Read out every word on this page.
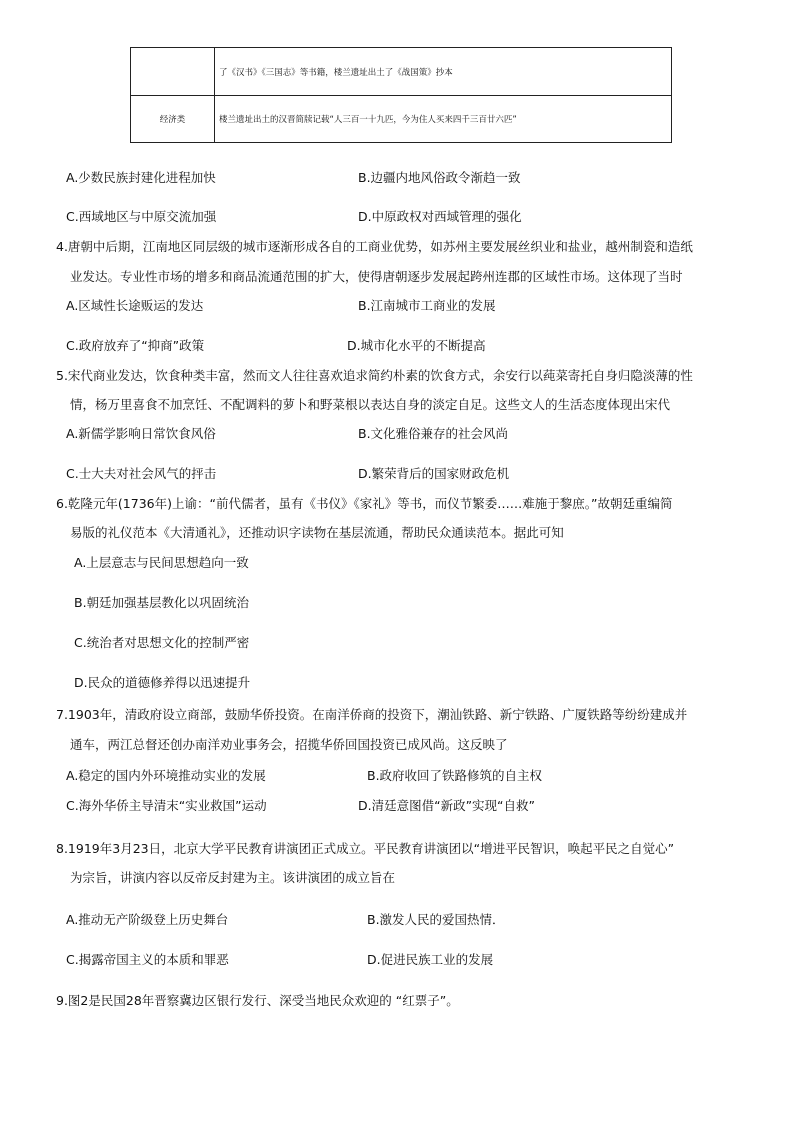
	了《汉书》《三国志》等书籍，楼兰遗址出土了《战国策》抄本
经济类	楼兰遗址出土的汉晋简牍记载“人三百一十九匹，今为住人买来四千三百廿六匹”
A.少数民族封建化进程加快	B.边疆内地风俗政令渐趋一致
C.西域地区与中原交流加强	D.中原政权对西域管理的强化
4.唐朝中后期，江南地区同层级的城市逐渐形成各自的工商业优势，如苏州主要发展丝织业和盐业，越州制瓷和造纸
业发达。专业性市场的增多和商品流通范围的扩大，使得唐朝逐步发展起跨州连郡的区域性市场。这体现了当时
A.区域性长途贩运的发达	B.江南城市工商业的发展
C.政府放弃了“抑商”政策	D.城市化水平的不断提高
5.宋代商业发达，饮食种类丰富，然而文人往往喜欢追求简约朴素的饮食方式，余安行以莼菜寄托自身归隐淡薄的性
情，杨万里喜食不加烹饪、不配调料的萝卜和野菜根以表达自身的淡定自足。这些文人的生活态度体现出宋代
A.新儒学影响日常饮食风俗	B.文化雅俗兼存的社会风尚
C.士大夫对社会风气的抨击	D.繁荣背后的国家财政危机
6.乾隆元年(1736年)上谕：“前代儒者，虽有《书仪》《家礼》等书，而仪节繁委……难施于黎庶。”故朝廷重编简
易版的礼仪范本《大清通礼》，还推动识字读物在基层流通，帮助民众通读范本。据此可知
A.上层意志与民间思想趋向一致
B.朝廷加强基层教化以巩固统治
C.统治者对思想文化的控制严密
D.民众的道德修养得以迅速提升
7.1903年，清政府设立商部，鼓励华侨投资。在南洋侨商的投资下，潮汕铁路、新宁铁路、广厦铁路等纷纷建成并
通车，两江总督还创办南洋劝业事务会，招揽华侨回国投资已成风尚。这反映了
A.稳定的国内外环境推动实业的发展	B.政府收回了铁路修筑的自主权
C.海外华侨主导清末“实业救国”运动	D.清廷意图借“新政”实现“自救”
8.1919年3月23日，北京大学平民教育讲演团正式成立。平民教育讲演团以“增进平民智识，唤起平民之自觉心”
为宗旨，讲演内容以反帝反封建为主。该讲演团的成立旨在
A.推动无产阶级登上历史舞台	B.激发人民的爱国热情．
C.揭露帝国主义的本质和罪恶	D.促进民族工业的发展
9.图2是民国28年晋察冀边区银行发行、深受当地民众欢迎的 “红票子”。
